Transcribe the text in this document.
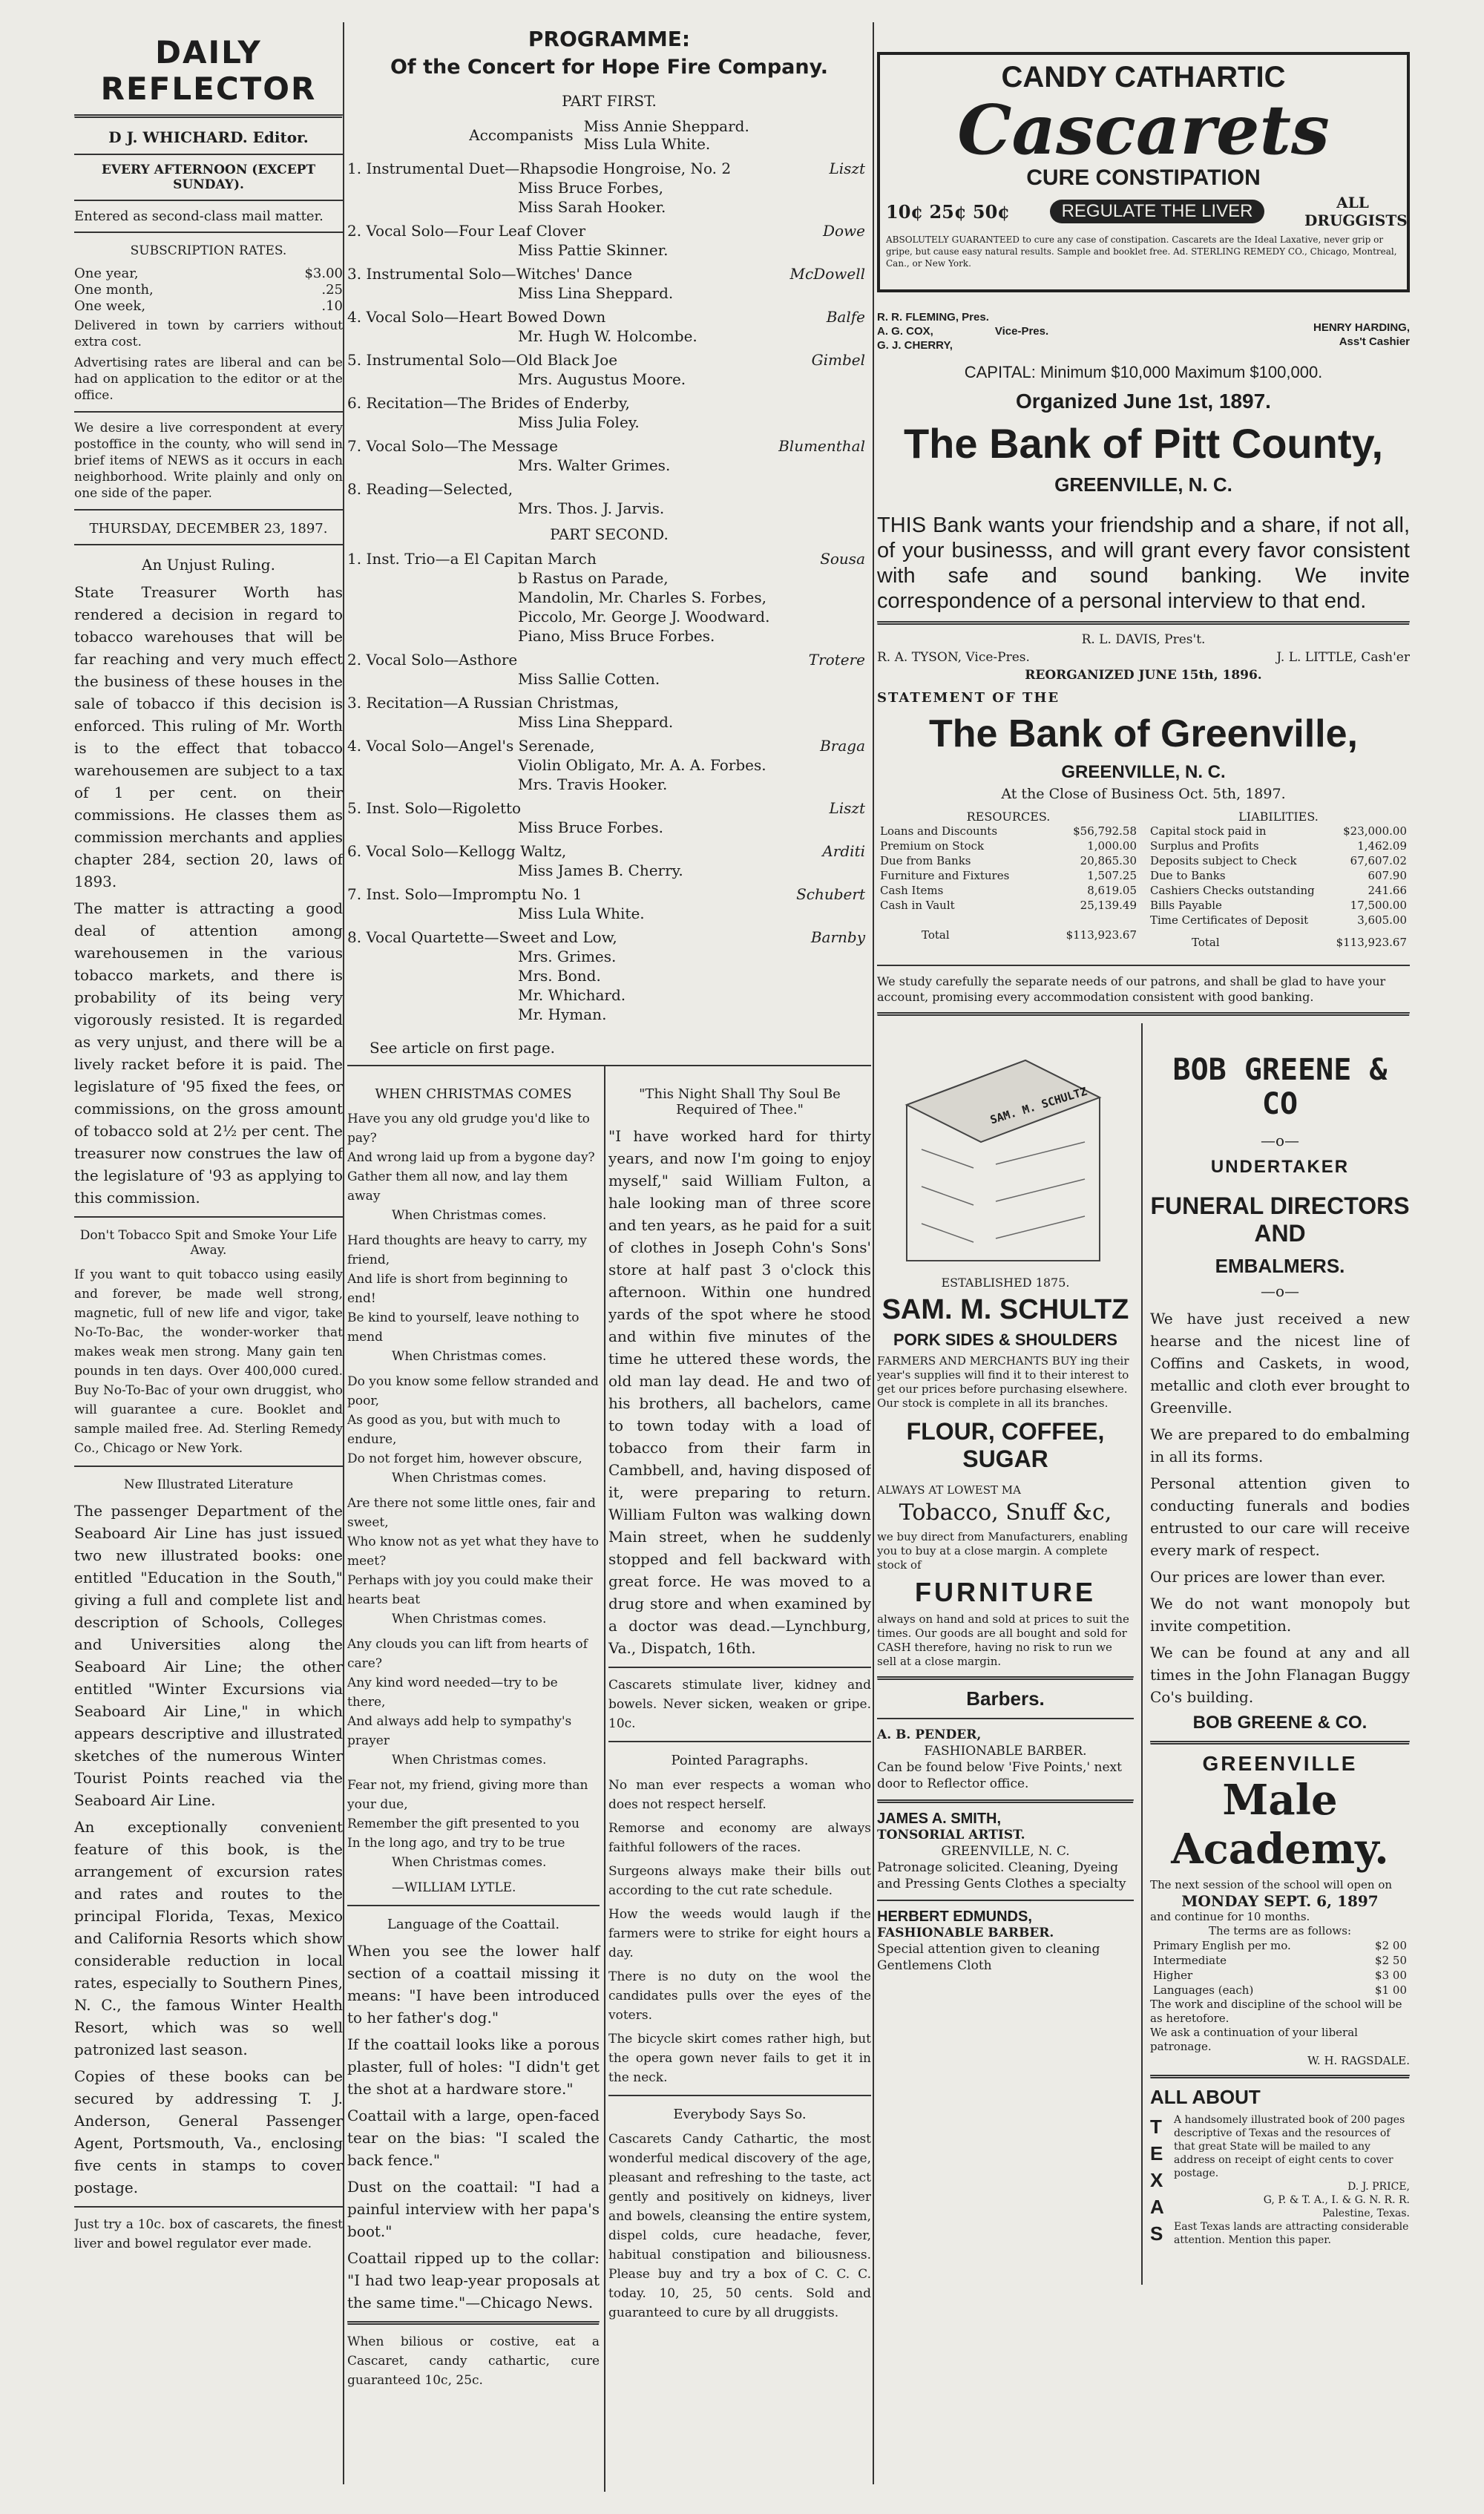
DAILY REFLECTOR
D J. WHICHARD. Editor.
EVERY AFTERNOON (EXCEPT SUNDAY).
Entered as second-class mail matter.
SUBSCRIPTION RATES.
One year,	$3.00
One month,	.25
One week,	.10

Delivered in town by carriers without extra cost.

Advertising rates are liberal and can be had on application to the editor or at the office.

We desire a live correspondent at every postoffice in the county, who will send in brief items of NEWS as it occurs in each neighborhood. Write plainly and only on one side of the paper.

THURSDAY, DECEMBER 23, 1897.
An Unjust Ruling.

State Treasurer Worth has rendered a decision in regard to tobacco warehouses that will be far reaching and very much effect the business of these houses in the sale of tobacco if this decision is enforced. This ruling of Mr. Worth is to the effect that tobacco warehousemen are subject to a tax of 1 per cent. on their commissions. He classes them as commission merchants and applies chapter 284, section 20, laws of 1893.

The matter is attracting a good deal of attention among warehousemen in the various tobacco markets, and there is probability of its being very vigorously resisted. It is regarded as very unjust, and there will be a lively racket before it is paid. The legislature of '95 fixed the fees, or commissions, on the gross amount of tobacco sold at 2½ per cent. The treasurer now construes the law of the legislature of '93 as applying to this commission.

Don't Tobacco Spit and Smoke Your Life Away.

If you want to quit tobacco using easily and forever, be made well strong, magnetic, full of new life and vigor, take No-To-Bac, the wonder-worker that makes weak men strong. Many gain ten pounds in ten days. Over 400,000 cured. Buy No-To-Bac of your own druggist, who will guarantee a cure. Booklet and sample mailed free. Ad. Sterling Remedy Co., Chicago or New York.

New Illustrated Literature

The passenger Department of the Seaboard Air Line has just issued two new illustrated books: one entitled "Education in the South," giving a full and complete list and description of Schools, Colleges and Universities along the Seaboard Air Line; the other entitled "Winter Excursions via Seaboard Air Line," in which appears descriptive and illustrated sketches of the numerous Winter Tourist Points reached via the Seaboard Air Line.

An exceptionally convenient feature of this book, is the arrangement of excursion rates and rates and routes to the principal Florida, Texas, Mexico and California Resorts which show considerable reduction in local rates, especially to Southern Pines, N. C., the famous Winter Health Resort, which was so well patronized last season.

Copies of these books can be secured by addressing T. J. Anderson, General Passenger Agent, Portsmouth, Va., enclosing five cents in stamps to cover postage.

Just try a 10c. box of cascarets, the finest liver and bowel regulator ever made.

PROGRAMME:
Of the Concert for Hope Fire Company.
PART FIRST.
Accompanists Miss Annie Sheppard.
Miss Lula White.
1. Instrumental Duet—Rhapsodie Hongroise, No. 2	Liszt
Miss Bruce Forbes,
Miss Sarah Hooker.
2. Vocal Solo—Four Leaf Clover	Dowe
Miss Pattie Skinner.
3. Instrumental Solo—Witches' Dance	McDowell
Miss Lina Sheppard.
4. Vocal Solo—Heart Bowed Down	Balfe
Mr. Hugh W. Holcombe.
5. Instrumental Solo—Old Black Joe	Gimbel
Mrs. Augustus Moore.
6. Recitation—The Brides of Enderby,
Miss Julia Foley.
7. Vocal Solo—The Message	Blumenthal
Mrs. Walter Grimes.
8. Reading—Selected,
Mrs. Thos. J. Jarvis.
PART SECOND.
1. Inst. Trio—a El Capitan March	Sousa
b Rastus on Parade,
Mandolin, Mr. Charles S. Forbes,
Piccolo, Mr. George J. Woodward.
Piano, Miss Bruce Forbes.
2. Vocal Solo—Asthore	Trotere
Miss Sallie Cotten.
3. Recitation—A Russian Christmas,
Miss Lina Sheppard.
4. Vocal Solo—Angel's Serenade,	Braga
Violin Obligato, Mr. A. A. Forbes.
Mrs. Travis Hooker.
5. Inst. Solo—Rigoletto	Liszt
Miss Bruce Forbes.
6. Vocal Solo—Kellogg Waltz,	Arditi
Miss James B. Cherry.
7. Inst. Solo—Impromptu No. 1	Schubert
Miss Lula White.
8. Vocal Quartette—Sweet and Low,	Barnby
Mrs. Grimes.
Mrs. Bond.
Mr. Whichard.
Mr. Hyman.
See article on first page.
WHEN CHRISTMAS COMES
Have you any old grudge you'd like to pay?
And wrong laid up from a bygone day?
Gather them all now, and lay them away
When Christmas comes.
Hard thoughts are heavy to carry, my friend,
And life is short from beginning to end!
Be kind to yourself, leave nothing to mend
When Christmas comes.
Do you know some fellow stranded and poor,
As good as you, but with much to endure,
Do not forget him, however obscure,
When Christmas comes.
Are there not some little ones, fair and sweet,
Who know not as yet what they have to meet?
Perhaps with joy you could make their hearts beat
When Christmas comes.
Any clouds you can lift from hearts of care?
Any kind word needed—try to be there,
And always add help to sympathy's prayer
When Christmas comes.
Fear not, my friend, giving more than your due,
Remember the gift presented to you
In the long ago, and try to be true
When Christmas comes.
—WILLIAM LYTLE.
Language of the Coattail.

When you see the lower half section of a coattail missing it means: "I have been introduced to her father's dog."

If the coattail looks like a porous plaster, full of holes: "I didn't get the shot at a hardware store."

Coattail with a large, open-faced tear on the bias: "I scaled the back fence."

Dust on the coattail: "I had a painful interview with her papa's boot."

Coattail ripped up to the collar: "I had two leap-year proposals at the same time."—Chicago News.

When bilious or costive, eat a Cascaret, candy cathartic, cure guaranteed 10c, 25c.

"This Night Shall Thy Soul Be Required of Thee."

"I have worked hard for thirty years, and now I'm going to enjoy myself," said William Fulton, a hale looking man of three score and ten years, as he paid for a suit of clothes in Joseph Cohn's Sons' store at half past 3 o'clock this afternoon. Within one hundred yards of the spot where he stood and within five minutes of the time he uttered these words, the old man lay dead. He and two of his brothers, all bachelors, came to town today with a load of tobacco from their farm in Cambbell, and, having disposed of it, were preparing to return. William Fulton was walking down Main street, when he suddenly stopped and fell backward with great force. He was moved to a drug store and when examined by a doctor was dead.—Lynchburg, Va., Dispatch, 16th.

Cascarets stimulate liver, kidney and bowels. Never sicken, weaken or gripe. 10c.

Pointed Paragraphs.

No man ever respects a woman who does not respect herself.

Remorse and economy are always faithful followers of the races.

Surgeons always make their bills out according to the cut rate schedule.

How the weeds would laugh if the farmers were to strike for eight hours a day.

There is no duty on the wool the candidates pulls over the eyes of the voters.

The bicycle skirt comes rather high, but the opera gown never fails to get it in the neck.

Everybody Says So.

Cascarets Candy Cathartic, the most wonderful medical discovery of the age, pleasant and refreshing to the taste, act gently and positively on kidneys, liver and bowels, cleansing the entire system, dispel colds, cure headache, fever, habitual constipation and biliousness. Please buy and try a box of C. C. C. today. 10, 25, 50 cents. Sold and guaranteed to cure by all druggists.

CANDY CATHARTIC
Cascarets
CURE CONSTIPATION
10¢ 25¢ 50¢	REGULATE THE LIVER	ALL DRUGGISTS
ABSOLUTELY GUARANTEED to cure any case of constipation. Cascarets are the Ideal Laxative, never grip or gripe, but cause easy natural results. Sample and booklet free. Ad. STERLING REMEDY CO., Chicago, Montreal, Can., or New York.
R. R. FLEMING, Pres.
A. G. COX,
G. J. CHERRY,
Vice-Pres.	HENRY HARDING,
Ass't Cashier
CAPITAL: Minimum $10,000 Maximum $100,000.
Organized June 1st, 1897.
The Bank of Pitt County,
GREENVILLE, N. C.
THIS Bank wants your friendship and a share, if not all, of your businesss, and will grant every favor consistent with safe and sound banking. We invite correspondence of a personal interview to that end.
R. L. DAVIS, Pres't.
R. A. TYSON, Vice-Pres.	J. L. LITTLE, Cash'er
REORGANIZED JUNE 15th, 1896.
STATEMENT OF THE
The Bank of Greenville,
GREENVILLE, N. C.
At the Close of Business Oct. 5th, 1897.
RESOURCES.
Loans and Discounts	$56,792.58
Premium on Stock	1,000.00
Due from Banks	20,865.30
Furniture and Fixtures	1,507.25
Cash Items	8,619.05
Cash in Vault	25,139.49
Total	$113,923.67
LIABILITIES.
Capital stock paid in	$23,000.00
Surplus and Profits	1,462.09
Deposits subject to Check	67,607.02
Due to Banks	607.90
Cashiers Checks outstanding	241.66
Bills Payable	17,500.00
Time Certificates of Deposit	3,605.00
Total	$113,923.67
We study carefully the separate needs of our patrons, and shall be glad to have your account, promising every accommodation consistent with good banking.
SAM. M. SCHULTZ
ESTABLISHED 1875.
SAM. M. SCHULTZ
PORK SIDES & SHOULDERS
FARMERS AND MERCHANTS BUY ing their year's supplies will find it to their interest to get our prices before purchasing elsewhere. Our stock is complete in all its branches.
FLOUR, COFFEE, SUGAR
ALWAYS AT LOWEST MA
Tobacco, Snuff &c,
we buy direct from Manufacturers, enabling you to buy at a close margin. A complete stock of
FURNITURE
always on hand and sold at prices to suit the times. Our goods are all bought and sold for CASH therefore, having no risk to run we sell at a close margin.
Barbers.
A. B. PENDER,
FASHIONABLE BARBER.
Can be found below 'Five Points,' next door to Reflector office.
JAMES A. SMITH,
TONSORIAL ARTIST.
GREENVILLE, N. C.
Patronage solicited. Cleaning, Dyeing and Pressing Gents Clothes a specialty
HERBERT EDMUNDS,
FASHIONABLE BARBER.
Special attention given to cleaning Gentlemens Cloth
BOB GREENE & CO
—o—
UNDERTAKER
FUNERAL DIRECTORS AND
EMBALMERS.
—o—

We have just received a new hearse and the nicest line of Coffins and Caskets, in wood, metallic and cloth ever brought to Greenville.

We are prepared to do embalming in all its forms.

Personal attention given to conducting funerals and bodies entrusted to our care will receive every mark of respect.

Our prices are lower than ever.

We do not want monopoly but invite competition.

We can be found at any and all times in the John Flanagan Buggy Co's building.

BOB GREENE & CO.
GREENVILLE
Male Academy.
The next session of the school will open on
MONDAY SEPT. 6, 1897
and continue for 10 months.
The terms are as follows:
Primary English per mo.	$2 00
Intermediate	$2 50
Higher	$3 00
Languages (each)	$1 00
The work and discipline of the school will be as heretofore.
We ask a continuation of your liberal patronage.
W. H. RAGSDALE.
ALL ABOUT
T
E
X
A
S
A handsomely illustrated book of 200 pages descriptive of Texas and the resources of that great State will be mailed to any address on receipt of eight cents to cover postage.
D. J. PRICE,
G, P. & T. A., I. & G. N. R. R.
Palestine, Texas.
East Texas lands are attracting considerable attention. Mention this paper.
